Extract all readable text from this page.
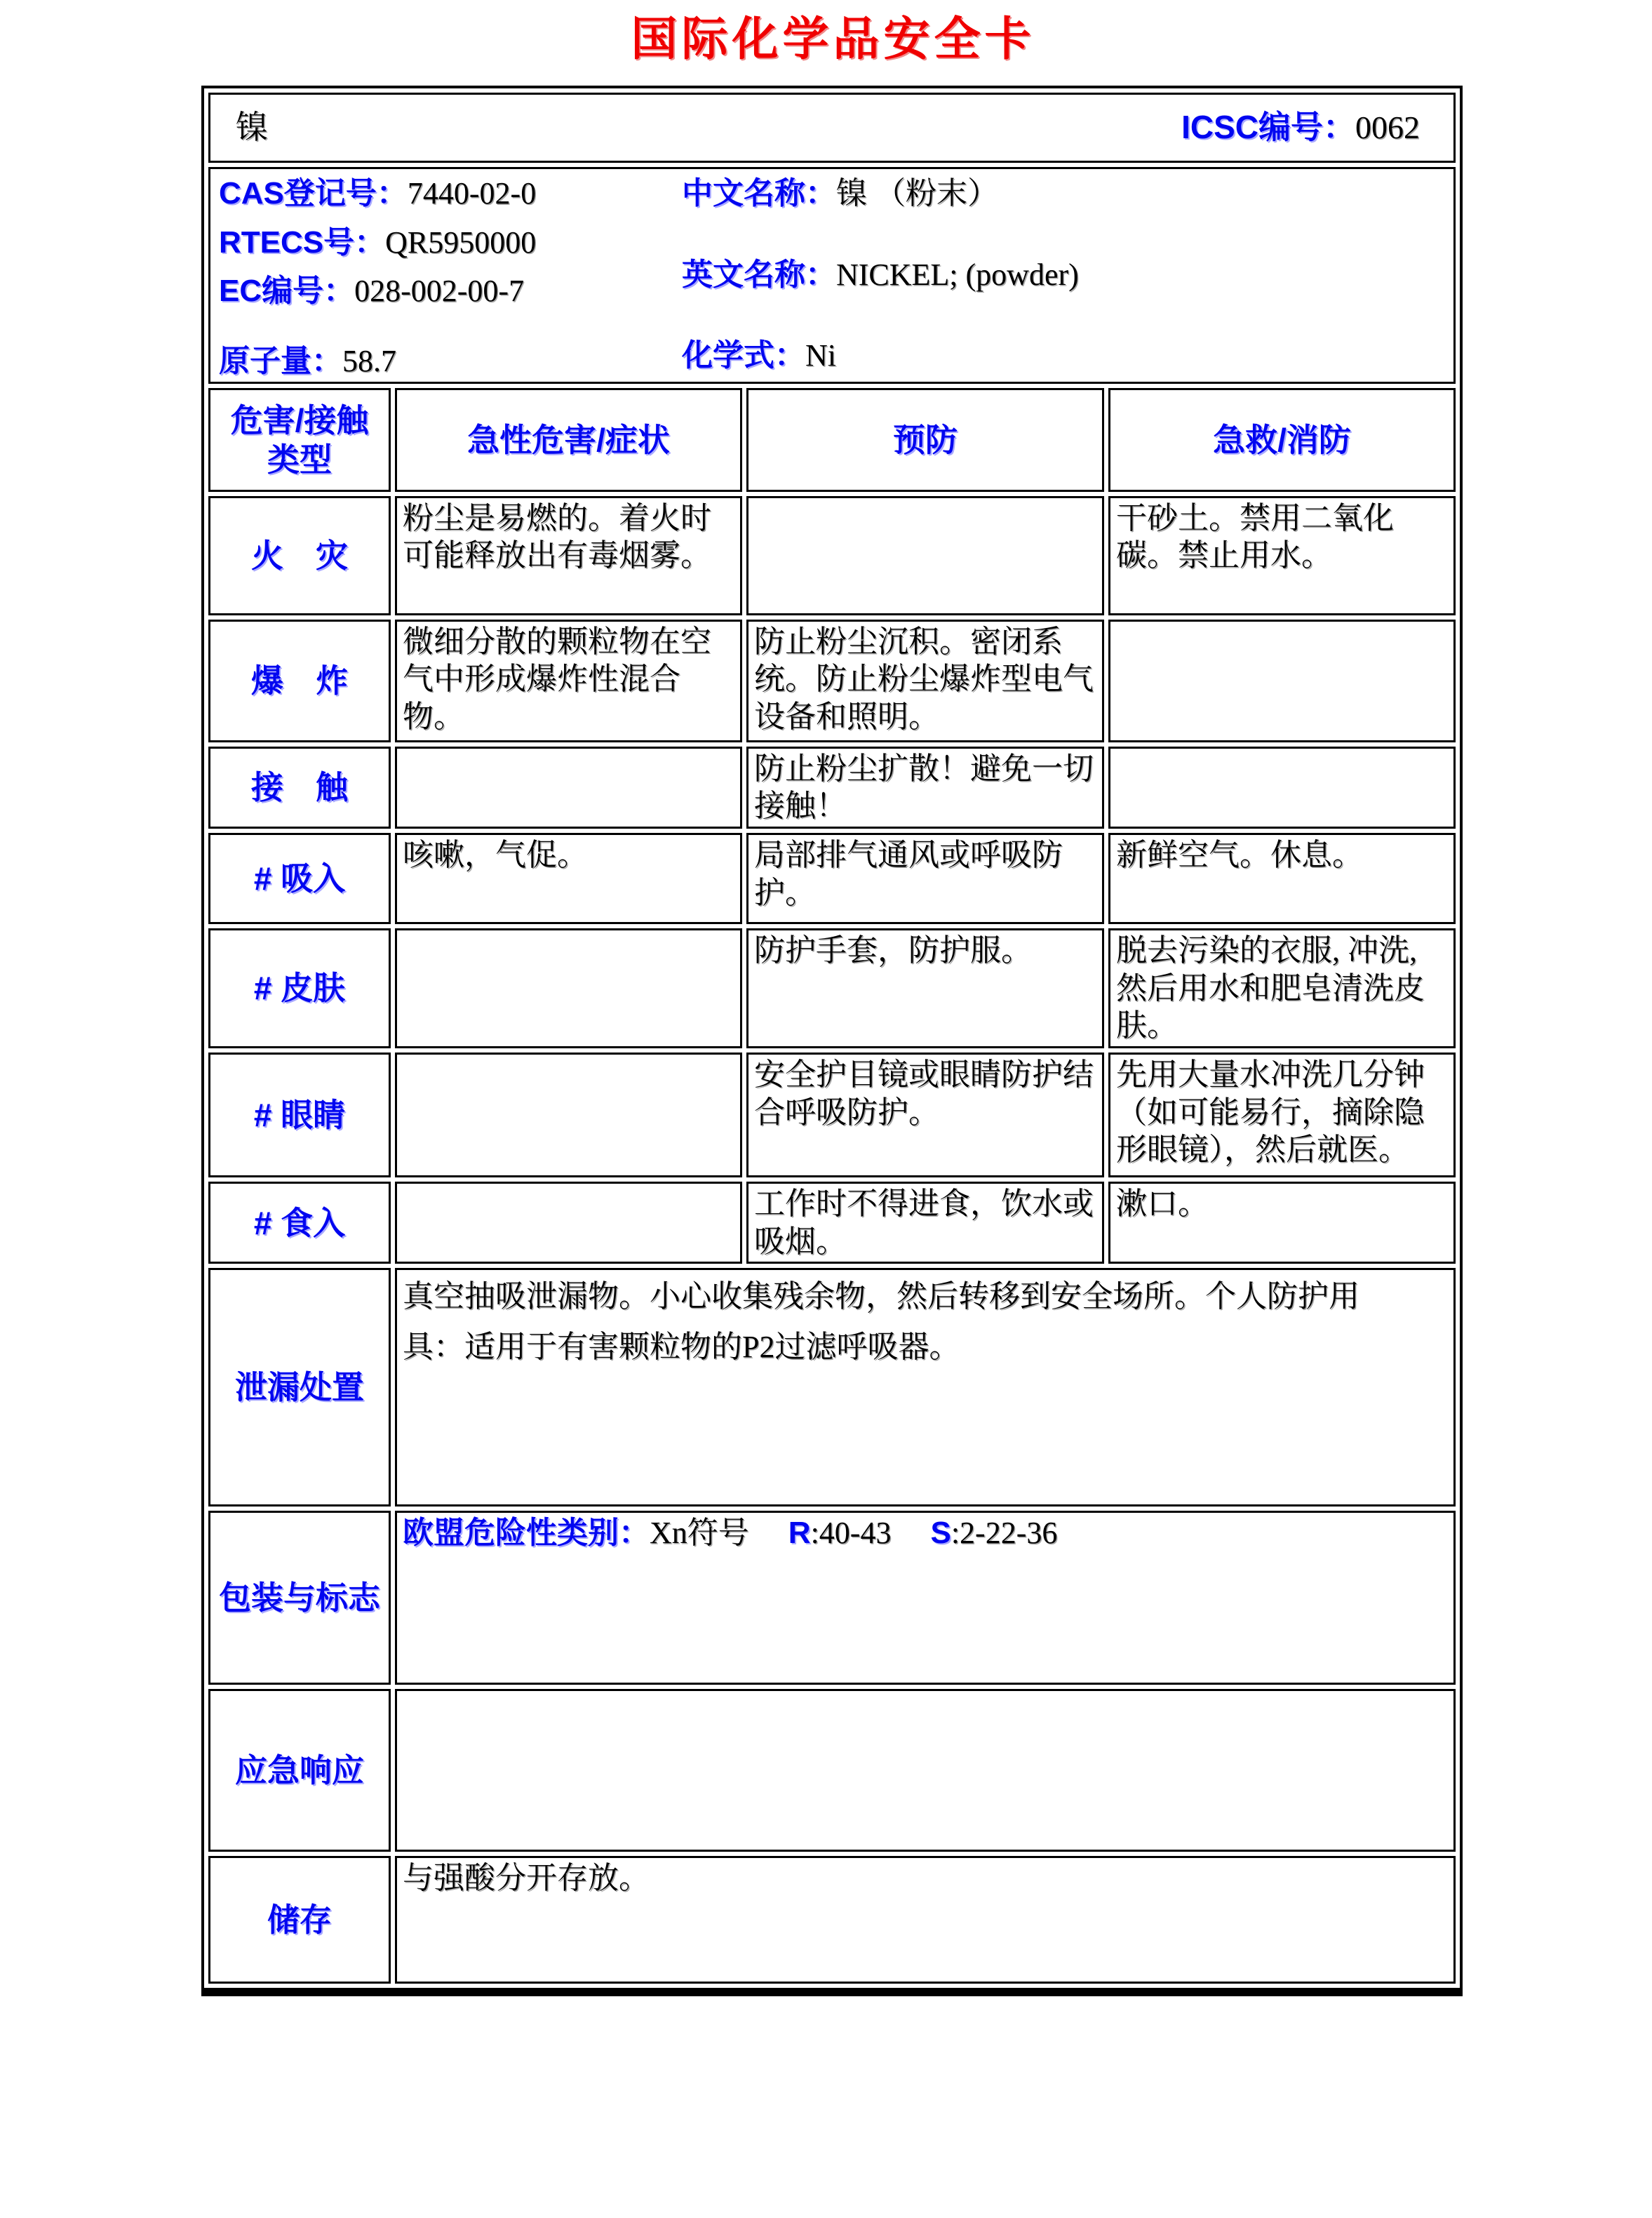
国际化学品安全卡
镍 ICSC编号：0062			

CAS登记号：7440-02-0
RTECS号：QR5950000
EC编号：028-002-00-7
原子量：58.7
中文名称：镍 （粉末）
英文名称：NICKEL; (powder)
化学式：Ni

危害/接触
类型	急性危害/症状	预防	急救/消防
火　灾	粉尘是易燃的。着火时可能释放出有毒烟雾。		干砂土。禁用二氧化碳。禁止用水。
爆　炸	微细分散的颗粒物在空气中形成爆炸性混合物。	防止粉尘沉积。密闭系统。防止粉尘爆炸型电气设备和照明。	
接　触		防止粉尘扩散！避免一切接触！	
# 吸入	咳嗽，气促。	局部排气通风或呼吸防护。	新鲜空气。休息。
# 皮肤		防护手套，防护服。	脱去污染的衣服, 冲洗, 然后用水和肥皂清洗皮肤。
# 眼睛		安全护目镜或眼睛防护结合呼吸防护。	先用大量水冲洗几分钟（如可能易行，摘除隐形眼镜），然后就医。
# 食入		工作时不得进食，饮水或吸烟。	漱口。
泄漏处置	真空抽吸泄漏物。小心收集残余物，然后转移到安全场所。个人防护用具：适用于有害颗粒物的P2过滤呼吸器。		

包装与标志	欧盟危险性类别：Xn符号 R:40-43 S:2-22-36		

应急响应			
储存	与强酸分开存放。		
